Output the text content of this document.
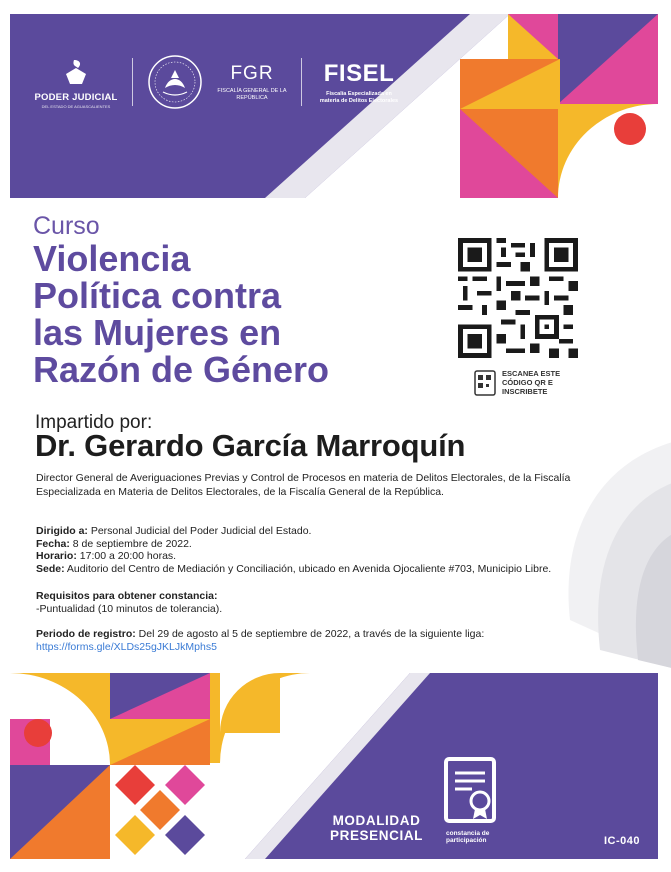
PODER JUDICIAL
DEL ESTADO DE AGUASCALIENTES
FGR
FISCALÍA GENERAL DE LA REPÚBLICA
FISEL
Fiscalía Especializada en materia de Delitos Electorales
Curso
Violencia
Política contra
las Mujeres en
Razón de Género	ESCANEA ESTE CÓDIGO QR E INSCRIBETE
Impartido por:
Dr. Gerardo García Marroquín
Director General de Averiguaciones Previas y Control de Procesos en materia de Delitos Electorales, de la Fiscalía Especializada en Materia de Delitos Electorales, de la Fiscalía General de la República.
Dirigido a: Personal Judicial del Poder Judicial del Estado.
Fecha: 8 de septiembre de 2022.
Horario: 17:00 a 20:00 horas.
Sede: Auditorio del Centro de Mediación y Conciliación, ubicado en Avenida Ojocaliente #703, Municipio Libre.
Requisitos para obtener constancia:
-Puntualidad (10 minutos de tolerancia).
Periodo de registro: Del 29 de agosto al 5 de septiembre de 2022, a través de la siguiente liga:
https://forms.gle/XLDs25gJKLJkMphs5
MODALIDAD
PRESENCIAL	constancia de participación	IC-040
